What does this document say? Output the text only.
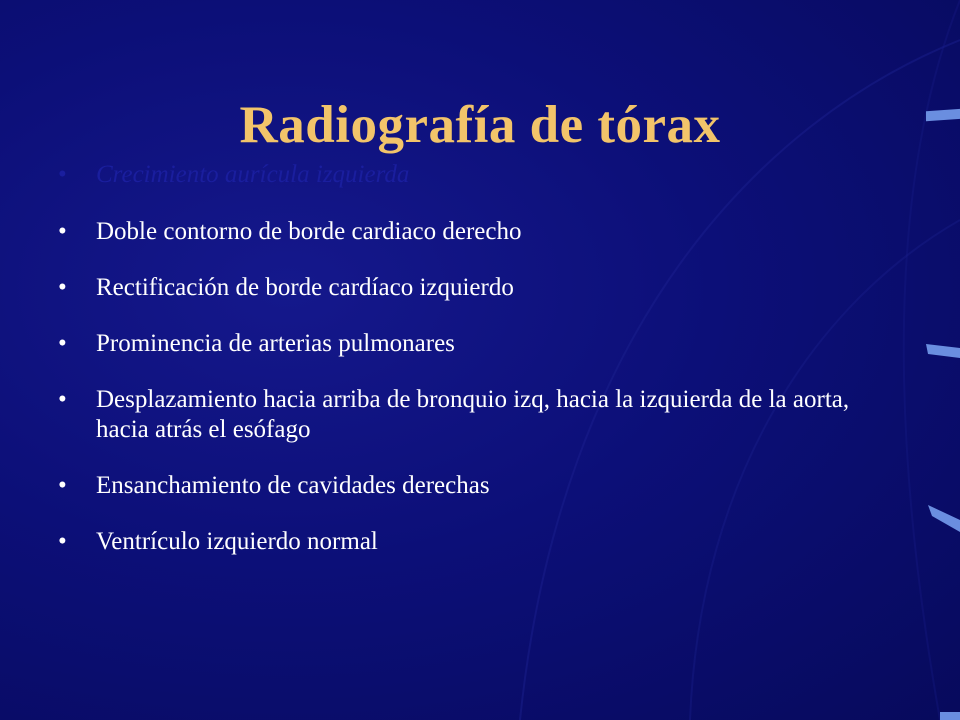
Radiografía de tórax
•	Crecimiento aurícula izquierda
•	Doble contorno de borde cardiaco derecho
•	Rectificación de borde cardíaco izquierdo
•	Prominencia de arterias pulmonares
•	Desplazamiento hacia arriba de bronquio izq, hacia la izquierda de la aorta, hacia atrás el esófago
•	Ensanchamiento de cavidades derechas
•	Ventrículo izquierdo normal
